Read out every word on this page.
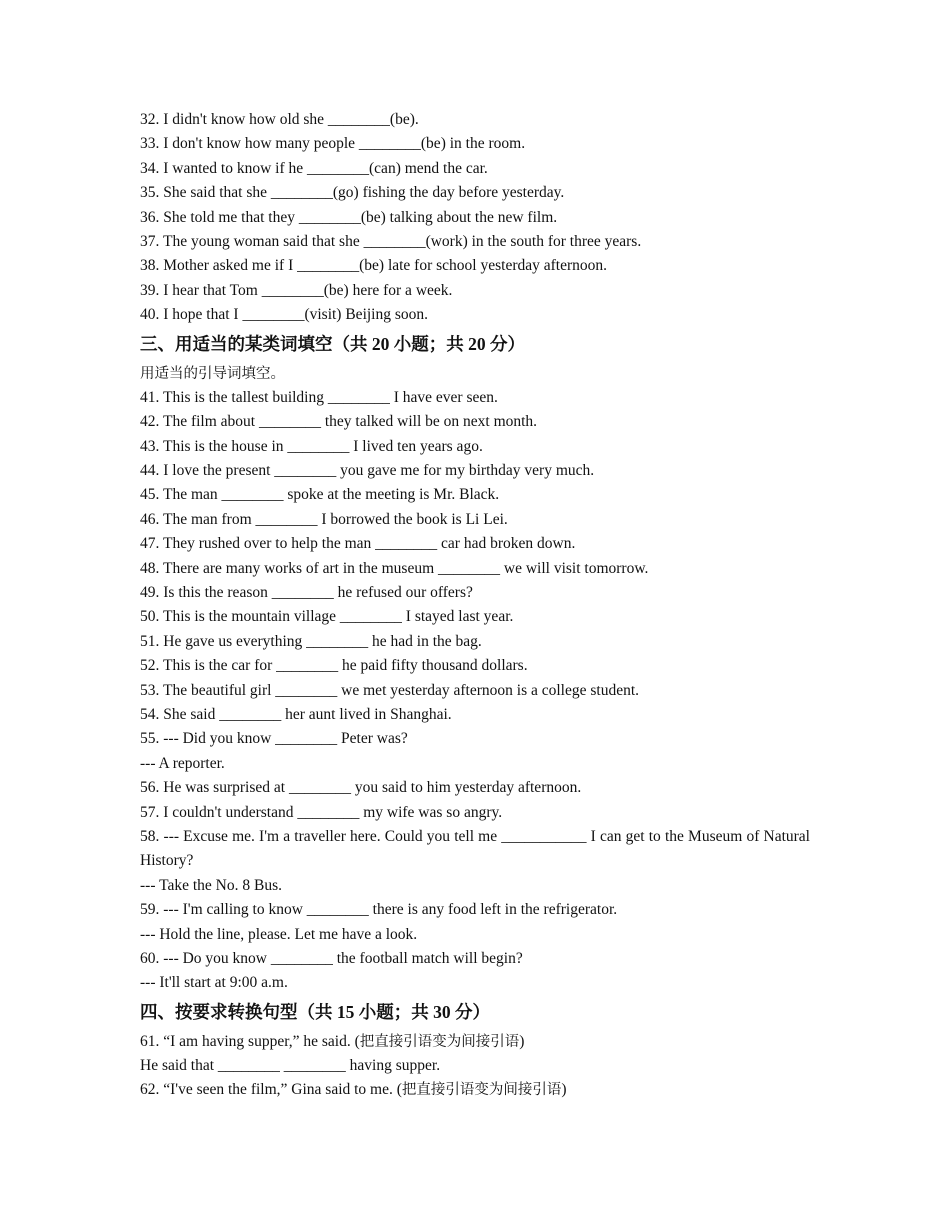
32. I didn't know how old she ________(be).
33. I don't know how many people ________(be) in the room.
34. I wanted to know if he ________(can) mend the car.
35. She said that she ________(go) fishing the day before yesterday.
36. She told me that they ________(be) talking about the new film.
37. The young woman said that she ________(work) in the south for three years.
38. Mother asked me if I ________(be) late for school yesterday afternoon.
39. I hear that Tom ________(be) here for a week.
40. I hope that I ________(visit) Beijing soon.
三、用适当的某类词填空（共 20 小题；共 20 分）
用适当的引导词填空。
41. This is the tallest building ________ I have ever seen.
42. The film about ________ they talked will be on next month.
43. This is the house in ________ I lived ten years ago.
44. I love the present ________ you gave me for my birthday very much.
45. The man ________ spoke at the meeting is Mr. Black.
46. The man from ________ I borrowed the book is Li Lei.
47. They rushed over to help the man ________ car had broken down.
48. There are many works of art in the museum ________ we will visit tomorrow.
49. Is this the reason ________ he refused our offers?
50. This is the mountain village ________ I stayed last year.
51. He gave us everything ________ he had in the bag.
52. This is the car for ________ he paid fifty thousand dollars.
53. The beautiful girl ________ we met yesterday afternoon is a college student.
54. She said ________ her aunt lived in Shanghai.
55. --- Did you know ________ Peter was?
--- A reporter.
56. He was surprised at ________ you said to him yesterday afternoon.
57. I couldn't understand ________ my wife was so angry.
58. --- Excuse me. I'm a traveller here. Could you tell me ___________ I can get to the Museum of Natural History?
--- Take the No. 8 Bus.
59. --- I'm calling to know ________ there is any food left in the refrigerator.
--- Hold the line, please. Let me have a look.
60. --- Do you know ________ the football match will begin?
--- It'll start at 9:00 a.m.
四、按要求转换句型（共 15 小题；共 30 分）
61. “I am having supper,” he said. (把直接引语变为间接引语)
He said that ________ ________ having supper.
62. “I've seen the film,” Gina said to me. (把直接引语变为间接引语)
